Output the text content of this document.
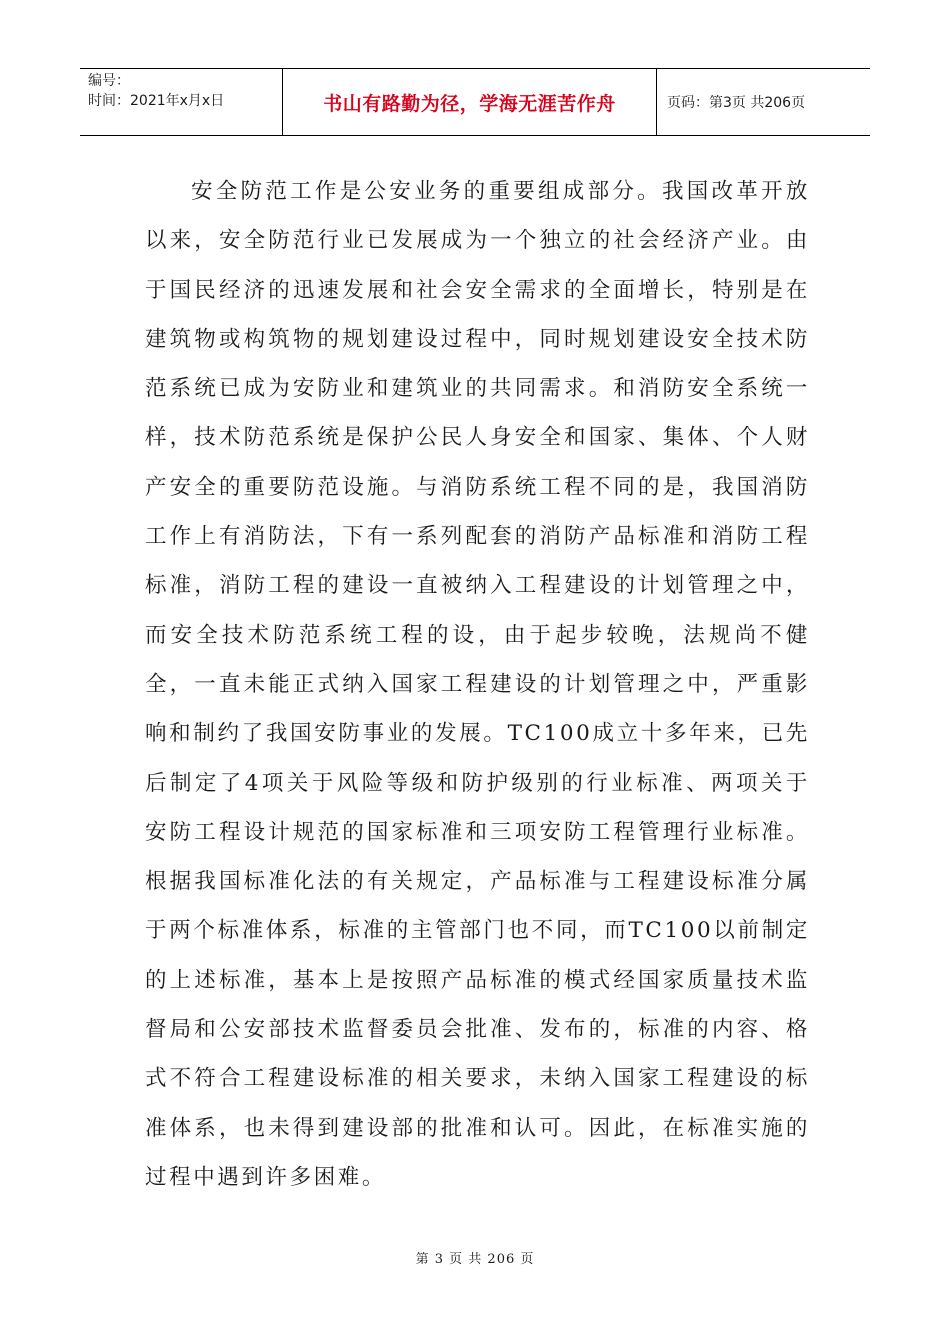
编号：
时间：2021年x月x日	书山有路勤为径，学海无涯苦作舟	页码：第3页 共206页

安全防范工作是公安业务的重要组成部分。我国改革开放以来，安全防范行业已发展成为一个独立的社会经济产业。由于国民经济的迅速发展和社会安全需求的全面增长，特别是在建筑物或构筑物的规划建设过程中，同时规划建设安全技术防范系统已成为安防业和建筑业的共同需求。和消防安全系统一样，技术防范系统是保护公民人身安全和国家、集体、个人财产安全的重要防范设施。与消防系统工程不同的是，我国消防工作上有消防法，下有一系列配套的消防产品标准和消防工程标准，消防工程的建设一直被纳入工程建设的计划管理之中，而安全技术防范系统工程的设，由于起步较晚，法规尚不健全，一直未能正式纳入国家工程建设的计划管理之中，严重影响和制约了我国安防事业的发展。TC100成立十多年来，已先后制定了4项关于风险等级和防护级别的行业标准、两项关于安防工程设计规范的国家标准和三项安防工程管理行业标准。根据我国标准化法的有关规定，产品标准与工程建设标准分属于两个标准体系，标准的主管部门也不同，而TC100以前制定的上述标准，基本上是按照产品标准的模式经国家质量技术监督局和公安部技术监督委员会批准、发布的，标准的内容、格式不符合工程建设标准的相关要求，未纳入国家工程建设的标准体系，也未得到建设部的批准和认可。因此，在标准实施的过程中遇到许多困难。

第 3 页 共 206 页
